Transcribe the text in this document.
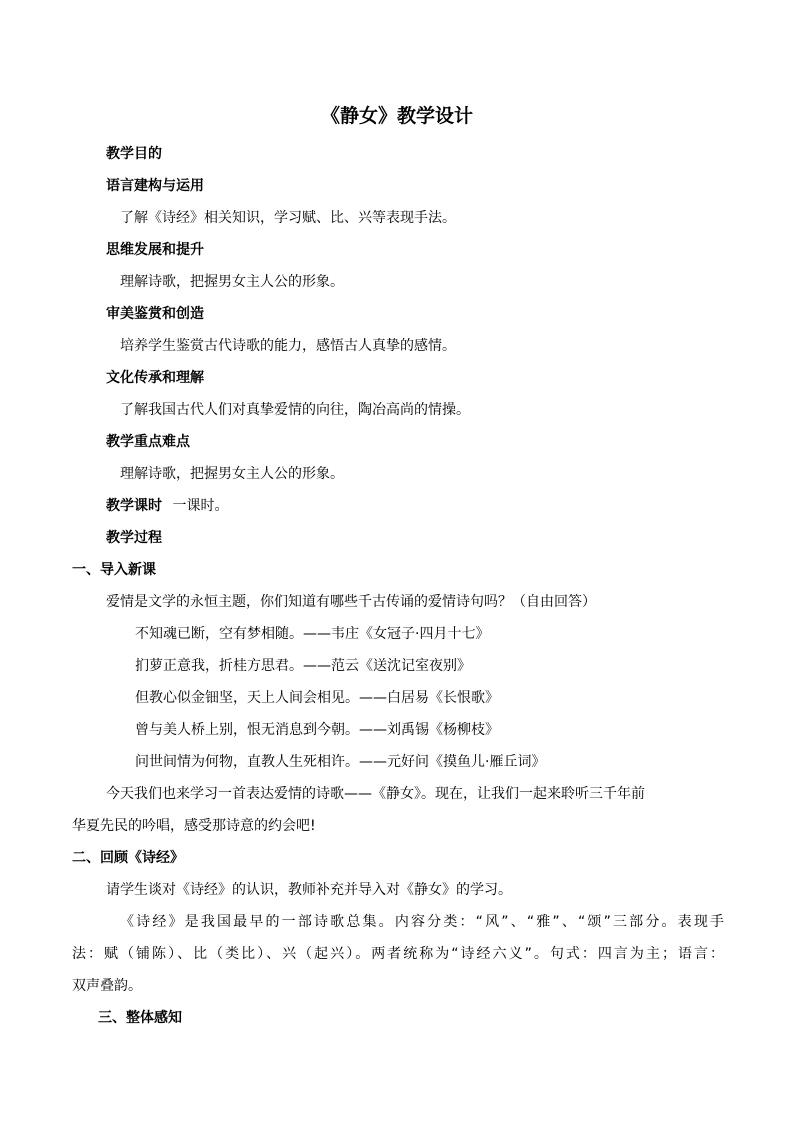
《静女》教学设计
教学目的
语言建构与运用
了解《诗经》相关知识，学习赋、比、兴等表现手法。
思维发展和提升
理解诗歌，把握男女主人公的形象。
审美鉴赏和创造
培养学生鉴赏古代诗歌的能力，感悟古人真挚的感情。
文化传承和理解
了解我国古代人们对真挚爱情的向往，陶冶高尚的情操。
教学重点难点
理解诗歌，把握男女主人公的形象。
教学课时 一课时。
教学过程
一、导入新课
爱情是文学的永恒主题，你们知道有哪些千古传诵的爱情诗句吗？（自由回答）
不知魂已断，空有梦相随。——韦庄《女冠子·四月十七》
扪萝正意我，折桂方思君。——范云《送沈记室夜别》
但教心似金钿坚，天上人间会相见。——白居易《长恨歌》
曾与美人桥上别，恨无消息到今朝。——刘禹锡《杨柳枝》
问世间情为何物，直教人生死相许。——元好问《摸鱼儿·雁丘词》
今天我们也来学习一首表达爱情的诗歌——《静女》。现在，让我们一起来聆听三千年前
华夏先民的吟唱，感受那诗意的约会吧!
二、回顾《诗经》
请学生谈对《诗经》的认识，教师补充并导入对《静女》的学习。
《诗经》是我国最早的一部诗歌总集。内容分类：“风”、“雅”、“颂”三部分。表现手
法：赋（铺陈）、比（类比）、兴（起兴）。两者统称为“诗经六义”。句式：四言为主；语言：
双声叠韵。
三、整体感知
